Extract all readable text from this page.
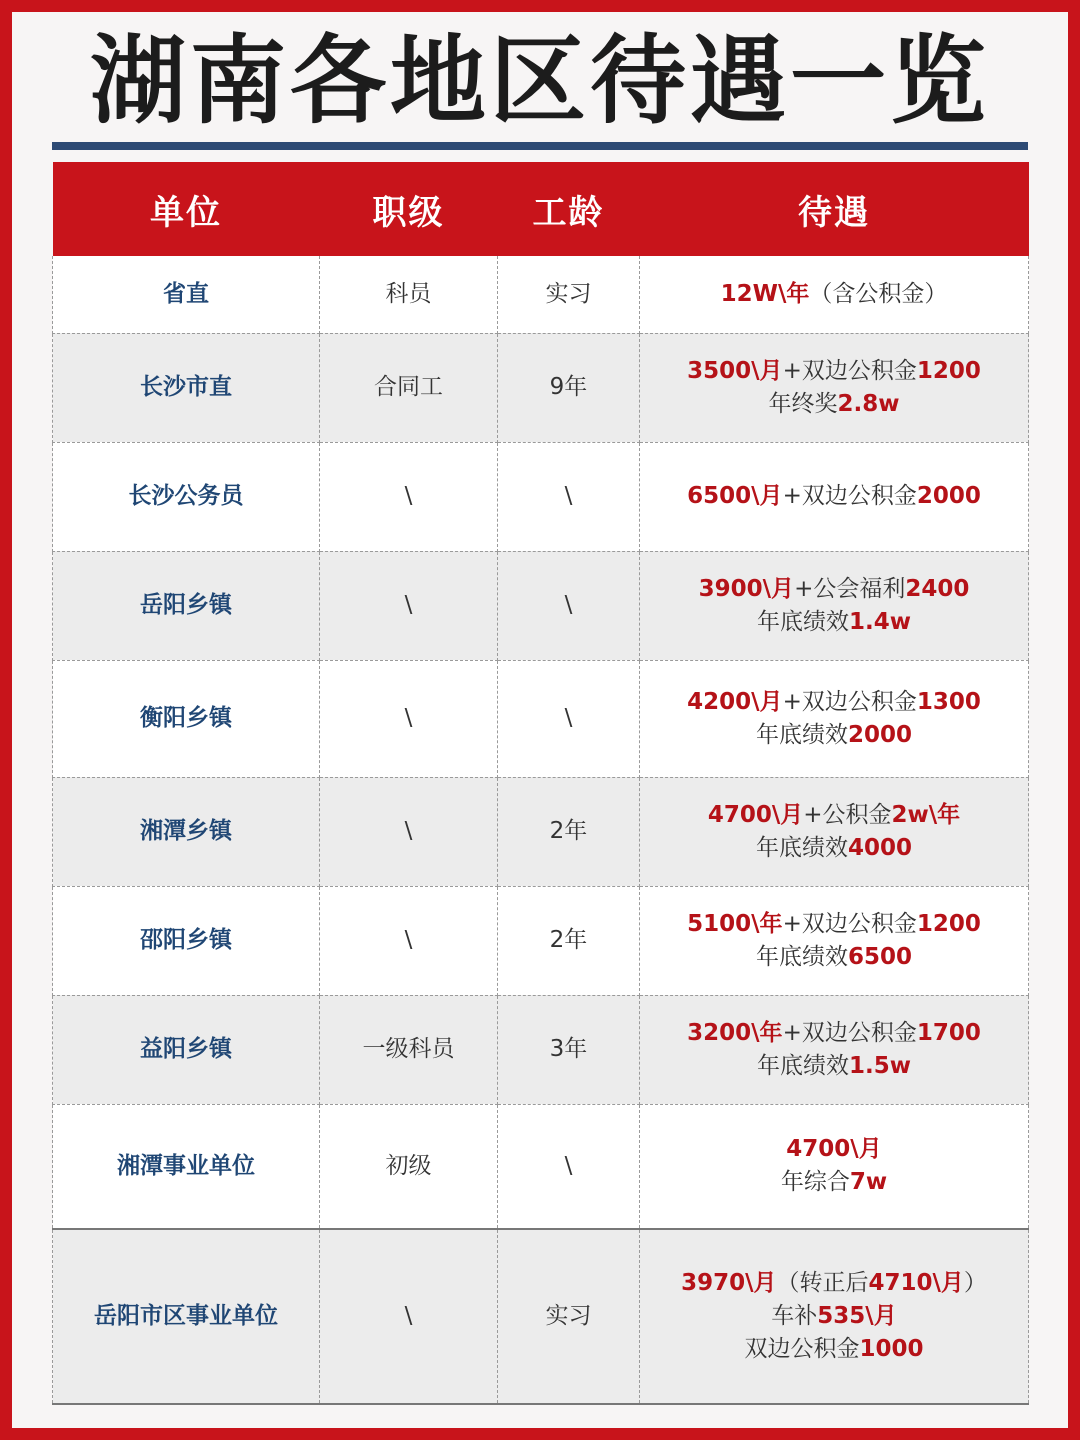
湖南各地区待遇一览
单位	职级	工龄	待遇
省直	科员	实习	12W\年（含公积金）

长沙市直	合同工	9年	3500\月+双边公积金1200
年终奖2.8w

长沙公务员	\	\	6500\月+双边公积金2000

岳阳乡镇	\	\	3900\月+公会福利2400
年底绩效1.4w

衡阳乡镇	\	\	4200\月+双边公积金1300
年底绩效2000

湘潭乡镇	\	2年	4700\月+公积金2w\年
年底绩效4000

邵阳乡镇	\	2年	5100\年+双边公积金1200
年底绩效6500

益阳乡镇	一级科员	3年	3200\年+双边公积金1700
年底绩效1.5w

湘潭事业单位	初级	\	4700\月
年综合7w

岳阳市区事业单位	\	实习	3970\月（转正后4710\月）
车补535\月
双边公积金1000
